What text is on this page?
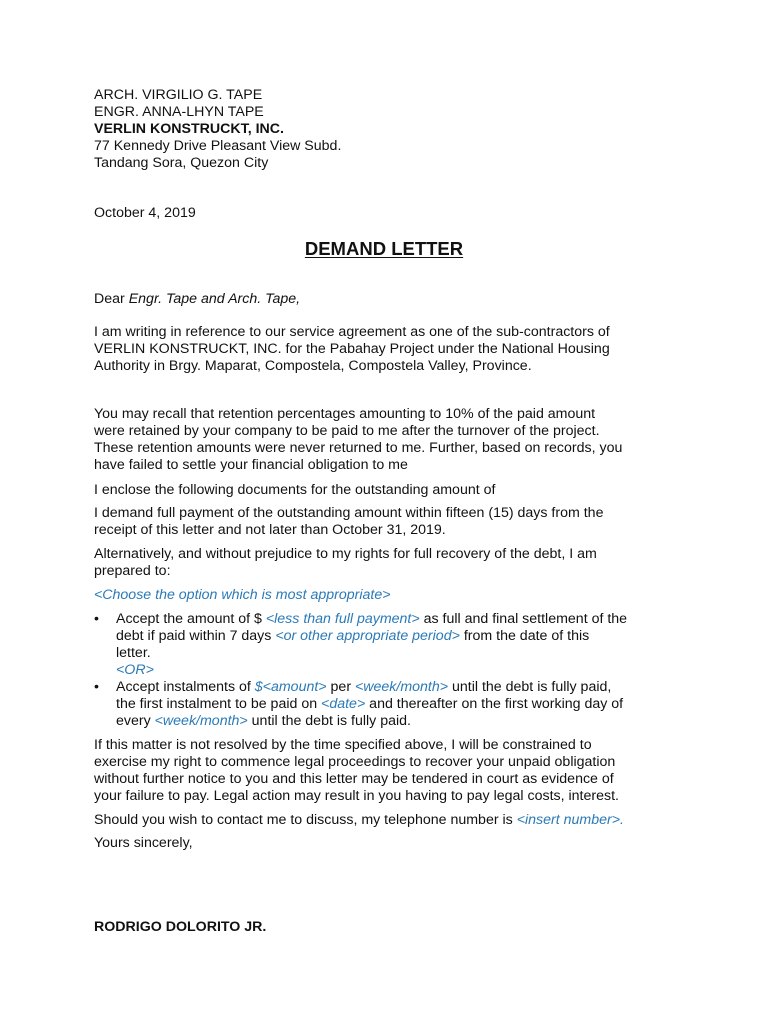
ARCH. VIRGILIO G. TAPE
ENGR. ANNA-LHYN TAPE
VERLIN KONSTRUCKT, INC.
77 Kennedy Drive Pleasant View Subd.
Tandang Sora, Quezon City
October 4, 2019
DEMAND LETTER
Dear Engr. Tape and Arch. Tape,
I am writing in reference to our service agreement as one of the sub-contractors of
VERLIN KONSTRUCKT, INC. for the Pabahay Project under the National Housing
Authority in Brgy. Maparat, Compostela, Compostela Valley, Province.
You may recall that retention percentages amounting to 10% of the paid amount
were retained by your company to be paid to me after the turnover of the project.
These retention amounts were never returned to me. Further, based on records, you
have failed to settle your financial obligation to me
I enclose the following documents for the outstanding amount of
I demand full payment of the outstanding amount within fifteen (15) days from the
receipt of this letter and not later than October 31, 2019.
Alternatively, and without prejudice to my rights for full recovery of the debt, I am
prepared to:
<Choose the option which is most appropriate>
• Accept the amount of $ <less than full payment> as full and final settlement of the
debt if paid within 7 days <or other appropriate period> from the date of this
letter.
<OR>
• Accept instalments of $<amount> per <week/month> until the debt is fully paid,
the first instalment to be paid on <date> and thereafter on the first working day of
every <week/month> until the debt is fully paid.
If this matter is not resolved by the time specified above, I will be constrained to
exercise my right to commence legal proceedings to recover your unpaid obligation
without further notice to you and this letter may be tendered in court as evidence of
your failure to pay. Legal action may result in you having to pay legal costs, interest.
Should you wish to contact me to discuss, my telephone number is <insert number>.
Yours sincerely,
RODRIGO DOLORITO JR.
